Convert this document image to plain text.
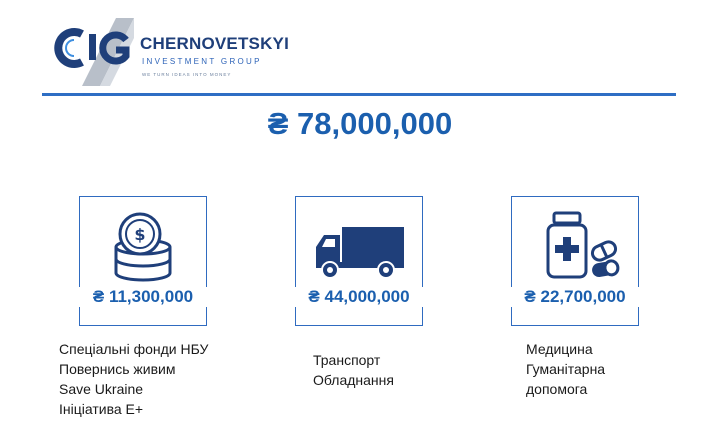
CHERNOVETSKYI
INVESTMENT GROUP
WE TURN IDEAS INTO MONEY
₴ 78,000,000
$
₴ 11,300,000	₴ 44,000,000	₴ 22,700,000
Спеціальні фонди НБУ
Повернись живим
Save Ukraine
Ініціатива Е+
Транспорт
Обладнання
Медицина
Гуманітарна
допомога
